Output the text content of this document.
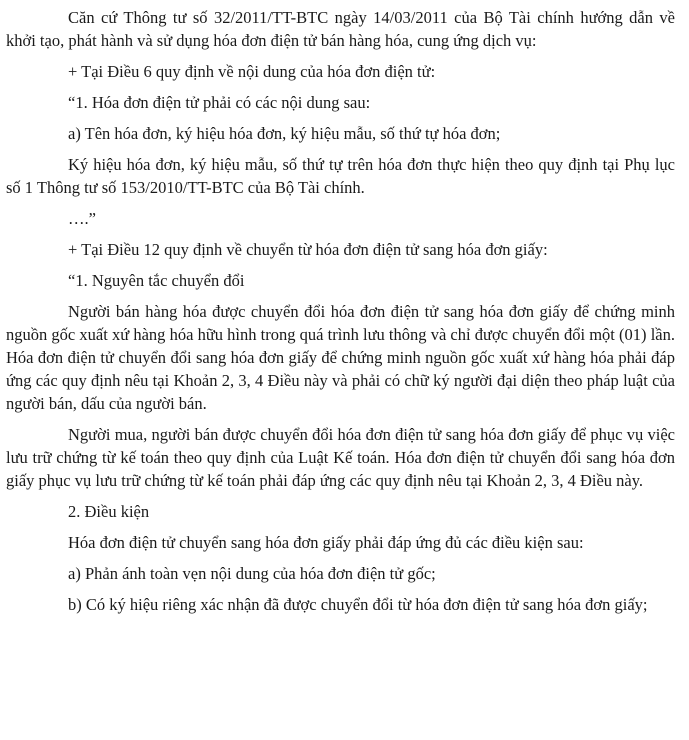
Căn cứ Thông tư số 32/2011/TT-BTC ngày 14/03/2011 của Bộ Tài chính hướng dẫn về khởi tạo, phát hành và sử dụng hóa đơn điện tử bán hàng hóa, cung ứng dịch vụ:

+ Tại Điều 6 quy định về nội dung của hóa đơn điện tử:

“1. Hóa đơn điện tử phải có các nội dung sau:

a) Tên hóa đơn, ký hiệu hóa đơn, ký hiệu mẫu, số thứ tự hóa đơn;

Ký hiệu hóa đơn, ký hiệu mẫu, số thứ tự trên hóa đơn thực hiện theo quy định tại Phụ lục số 1 Thông tư số 153/2010/TT-BTC của Bộ Tài chính.

….”

+ Tại Điều 12 quy định về chuyển từ hóa đơn điện tử sang hóa đơn giấy:

“1. Nguyên tắc chuyển đổi

Người bán hàng hóa được chuyển đổi hóa đơn điện tử sang hóa đơn giấy để chứng minh nguồn gốc xuất xứ hàng hóa hữu hình trong quá trình lưu thông và chỉ được chuyển đổi một (01) lần. Hóa đơn điện tử chuyển đổi sang hóa đơn giấy để chứng minh nguồn gốc xuất xứ hàng hóa phải đáp ứng các quy định nêu tại Khoản 2, 3, 4 Điều này và phải có chữ ký người đại diện theo pháp luật của người bán, dấu của người bán.

Người mua, người bán được chuyển đổi hóa đơn điện tử sang hóa đơn giấy để phục vụ việc lưu trữ chứng từ kế toán theo quy định của Luật Kế toán. Hóa đơn điện tử chuyển đổi sang hóa đơn giấy phục vụ lưu trữ chứng từ kế toán phải đáp ứng các quy định nêu tại Khoản 2, 3, 4 Điều này.

2. Điều kiện

Hóa đơn điện tử chuyển sang hóa đơn giấy phải đáp ứng đủ các điều kiện sau:

a) Phản ánh toàn vẹn nội dung của hóa đơn điện tử gốc;

b) Có ký hiệu riêng xác nhận đã được chuyển đổi từ hóa đơn điện tử sang hóa đơn giấy;
